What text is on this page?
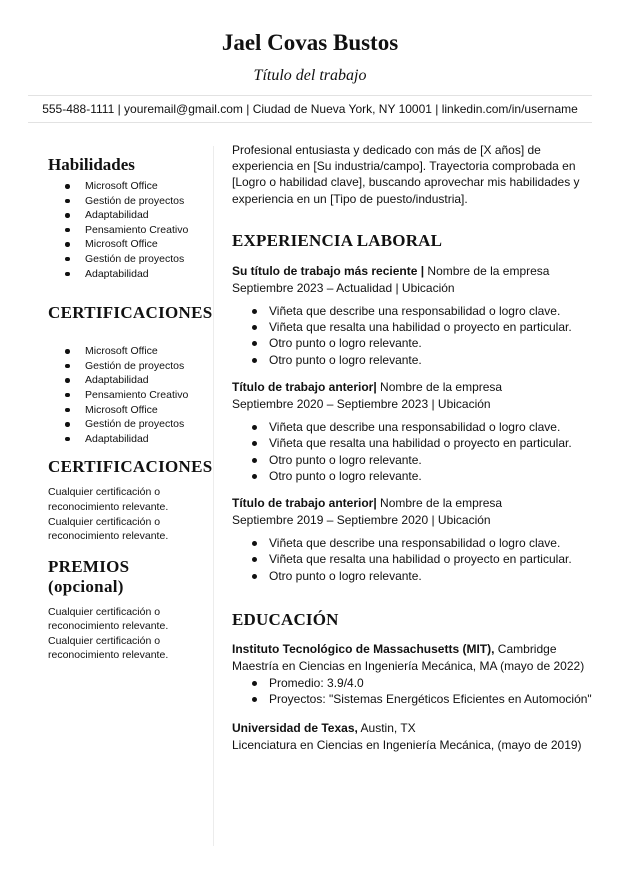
Jael Covas Bustos

Título del trabajo

555-488-1111 | youremail@gmail.com | Ciudad de Nueva York, NY 10001 | linkedin.com/in/username

Habilidades
Microsoft Office
Gestión de proyectos
Adaptabilidad
Pensamiento Creativo
Microsoft Office
Gestión de proyectos
Adaptabilidad
CERTIFICACIONES
Microsoft Office
Gestión de proyectos
Adaptabilidad
Pensamiento Creativo
Microsoft Office
Gestión de proyectos
Adaptabilidad
CERTIFICACIONES

Cualquier certificación o

reconocimiento relevante.

Cualquier certificación o

reconocimiento relevante.

PREMIOS (opcional)

Cualquier certificación o

reconocimiento relevante.

Cualquier certificación o

reconocimiento relevante.

Profesional entusiasta y dedicado con más de [X años] de experiencia en [Su industria/campo]. Trayectoria comprobada en [Logro o habilidad clave], buscando aprovechar mis habilidades y experiencia en un [Tipo de puesto/industria].

EXPERIENCIA LABORAL

Su título de trabajo más reciente | Nombre de la empresa

Septiembre 2023 – Actualidad | Ubicación

Viñeta que describe una responsabilidad o logro clave.
Viñeta que resalta una habilidad o proyecto en particular.
Otro punto o logro relevante.
Otro punto o logro relevante.

Título de trabajo anterior| Nombre de la empresa

Septiembre 2020 – Septiembre 2023 | Ubicación

Viñeta que describe una responsabilidad o logro clave.
Viñeta que resalta una habilidad o proyecto en particular.
Otro punto o logro relevante.
Otro punto o logro relevante.

Título de trabajo anterior| Nombre de la empresa

Septiembre 2019 – Septiembre 2020 | Ubicación

Viñeta que describe una responsabilidad o logro clave.
Viñeta que resalta una habilidad o proyecto en particular.
Otro punto o logro relevante.
EDUCACIÓN

Instituto Tecnológico de Massachusetts (MIT), Cambridge

Maestría en Ciencias en Ingeniería Mecánica, MA (mayo de 2022)

Promedio: 3.9/4.0
Proyectos: "Sistemas Energéticos Eficientes en Automoción"

Universidad de Texas, Austin, TX

Licenciatura en Ciencias en Ingeniería Mecánica, (mayo de 2019)
